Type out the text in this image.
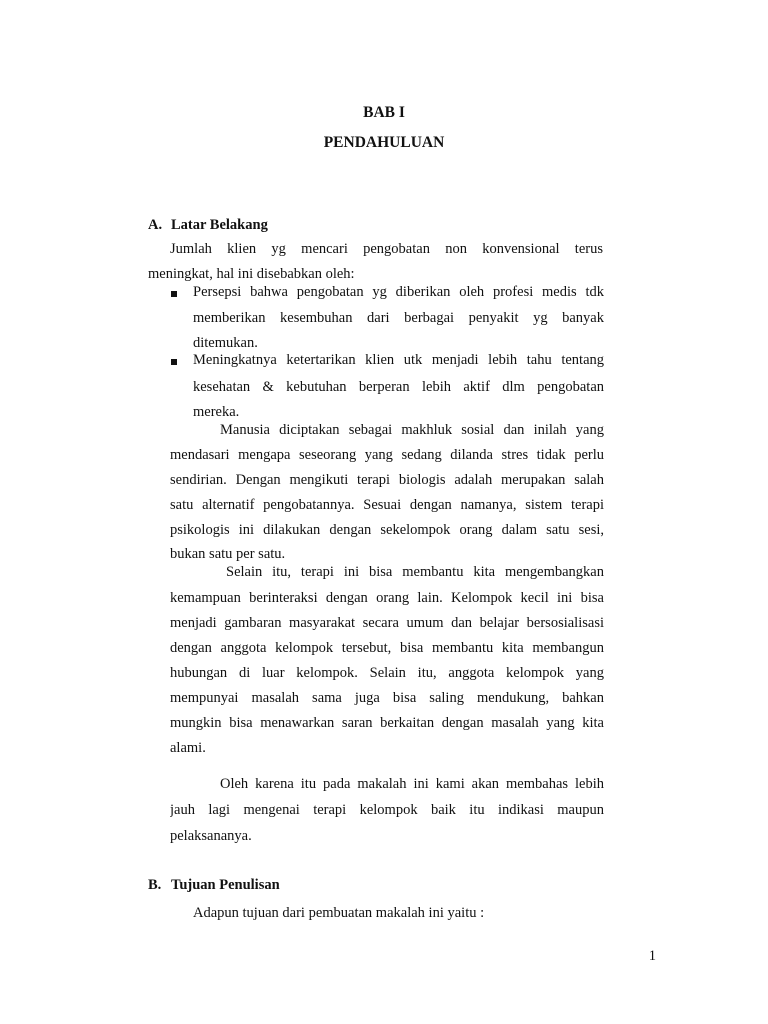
BAB I
PENDAHULUAN
A. Latar Belakang
Jumlah klien yg mencari pengobatan non konvensional terus
meningkat, hal ini disebabkan oleh:
Persepsi bahwa pengobatan yg diberikan oleh profesi medis tdk
memberikan kesembuhan dari berbagai penyakit yg banyak
ditemukan.
Meningkatnya ketertarikan klien utk menjadi lebih tahu tentang
kesehatan & kebutuhan berperan lebih aktif dlm pengobatan
mereka.
Manusia diciptakan sebagai makhluk sosial dan inilah yang
mendasari mengapa seseorang yang sedang dilanda stres tidak perlu
sendirian. Dengan mengikuti terapi biologis adalah merupakan salah
satu alternatif pengobatannya. Sesuai dengan namanya, sistem terapi
psikologis ini dilakukan dengan sekelompok orang dalam satu sesi,
bukan satu per satu.
Selain itu, terapi ini bisa membantu kita mengembangkan
kemampuan berinteraksi dengan orang lain. Kelompok kecil ini bisa
menjadi gambaran masyarakat secara umum dan belajar bersosialisasi
dengan anggota kelompok tersebut, bisa membantu kita membangun
hubungan di luar kelompok. Selain itu, anggota kelompok yang
mempunyai masalah sama juga bisa saling mendukung, bahkan
mungkin bisa menawarkan saran berkaitan dengan masalah yang kita
alami.
Oleh karena itu pada makalah ini kami akan membahas lebih
jauh lagi mengenai terapi kelompok baik itu indikasi maupun
pelaksananya.
B. Tujuan Penulisan
Adapun tujuan dari pembuatan makalah ini yaitu :
1
